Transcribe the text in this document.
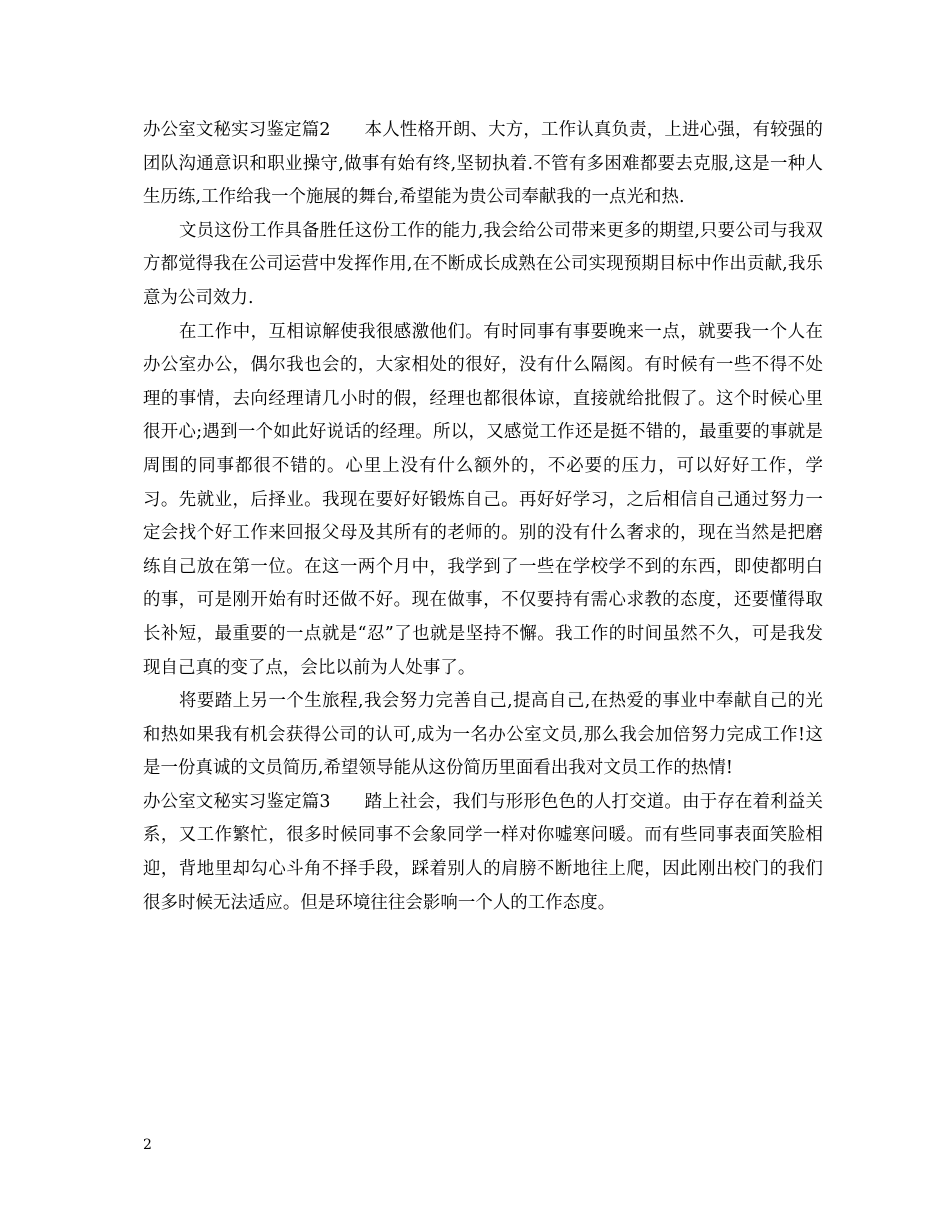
办公室文秘实习鉴定篇2 本人性格开朗、大方，工作认真负责，上进心强，有较强的团队沟通意识和职业操守,做事有始有终,坚韧执着.不管有多困难都要去克服,这是一种人生历练,工作给我一个施展的舞台,希望能为贵公司奉献我的一点光和热.

文员这份工作具备胜任这份工作的能力,我会给公司带来更多的期望,只要公司与我双方都觉得我在公司运营中发挥作用,在不断成长成熟在公司实现预期目标中作出贡献,我乐意为公司效力.

在工作中，互相谅解使我很感激他们。有时同事有事要晚来一点，就要我一个人在办公室办公，偶尔我也会的，大家相处的很好，没有什么隔阂。有时候有一些不得不处理的事情，去向经理请几小时的假，经理也都很体谅，直接就给批假了。这个时候心里很开心;遇到一个如此好说话的经理。所以，又感觉工作还是挺不错的，最重要的事就是周围的同事都很不错的。心里上没有什么额外的，不必要的压力，可以好好工作，学习。先就业，后择业。我现在要好好锻炼自己。再好好学习，之后相信自己通过努力一定会找个好工作来回报父母及其所有的老师的。别的没有什么奢求的，现在当然是把磨练自己放在第一位。在这一两个月中，我学到了一些在学校学不到的东西，即使都明白的事，可是刚开始有时还做不好。现在做事，不仅要持有需心求教的态度，还要懂得取长补短，最重要的一点就是“忍”了也就是坚持不懈。我工作的时间虽然不久，可是我发现自己真的变了点，会比以前为人处事了。

将要踏上另一个生旅程,我会努力完善自己,提高自己,在热爱的事业中奉献自己的光和热如果我有机会获得公司的认可,成为一名办公室文员,那么我会加倍努力完成工作!这是一份真诚的文员简历,希望领导能从这份简历里面看出我对文员工作的热情!

办公室文秘实习鉴定篇3 踏上社会，我们与形形色色的人打交道。由于存在着利益关系，又工作繁忙，很多时候同事不会象同学一样对你嘘寒问暖。而有些同事表面笑脸相迎，背地里却勾心斗角不择手段，踩着别人的肩膀不断地往上爬，因此刚出校门的我们很多时候无法适应。但是环境往往会影响一个人的工作态度。

2
